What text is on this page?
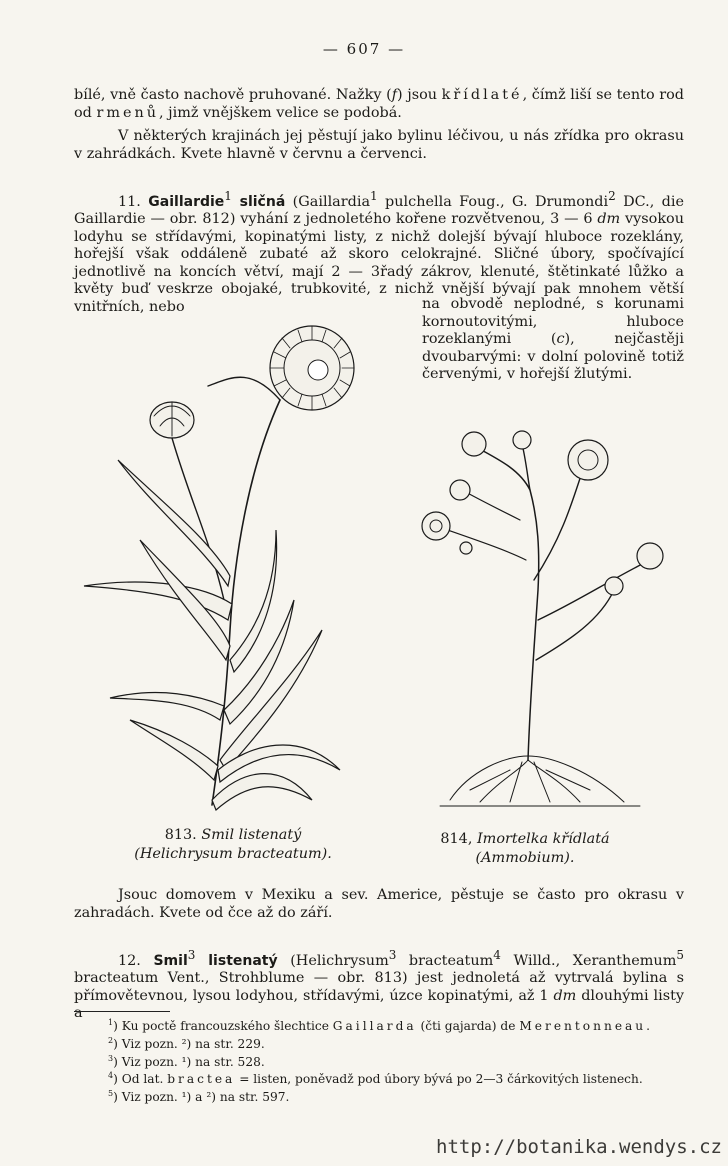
— 607 —

bílé, vně často nachově pruhované. Nažky (f) jsou křídlaté, čímž liší se tento rod od rmenů, jimž vnějškem velice se podobá.

V některých krajinách jej pěstují jako bylinu léčivou, u nás zřídka pro okrasu v zahrádkách. Kvete hlavně v červnu a červenci.

11. Gaillardie$^1$ sličná (Gaillardia$^1$ pulchella Foug., G. Drumondi$^2$ DC., die Gaillardie — obr. 812) vyhání z jednoletého kořene rozvětvenou, 3 — 6 dm vysokou lodyhu se střídavými, kopinatými listy, z nichž dolejší bývají hluboce rozeklány, hořejší však oddáleně zubaté až skoro celokrajné. Sličné úbory, spočívající jednotlivě na koncích větví, mají 2 — 3řadý zákrov, klenuté, štětinkaté lůžko a květy buď veskrze obojaké, trubkovité, z nichž vnější bývají pak mnohem větší vnitřních, nebo	na obvodě neplodné, s korunami kornoutovitými, hluboce rozeklanými (c), nejčastěji dvoubarvými: v dolní polovině totiž červenými, v hořejší žlutými.

813. Smil listenatý
(Helichrysum bracteatum).
814, Imortelka křídlatá
(Ammobium).

Jsouc domovem v Mexiku a sev. Americe, pěstuje se často pro okrasu v zahradách. Kvete od čce až do září.

12. Smil$^3$ listenatý (Helichrysum$^3$ bracteatum$^4$ Willd., Xeranthemum$^5$ bracteatum Vent., Strohblume — obr. 813) jest jednoletá až vytrvalá bylina s přímovětevnou, lysou lodyhou, střídavými, úzce kopinatými, až 1 dm dlouhými listy a

$^1$) Ku poctě francouzského šlechtice Gaillarda (čti gajarda) de Merentonneau.
$^2$) Viz pozn. ²) na str. 229.
$^3$) Viz pozn. ¹) na str. 528.
$^4$) Od lat. bractea = listen, poněvadž pod úbory bývá po 2—3 čárkovitých listenech.
$^5$) Viz pozn. ¹) a ²) na str. 597.
http://botanika.wendys.cz
